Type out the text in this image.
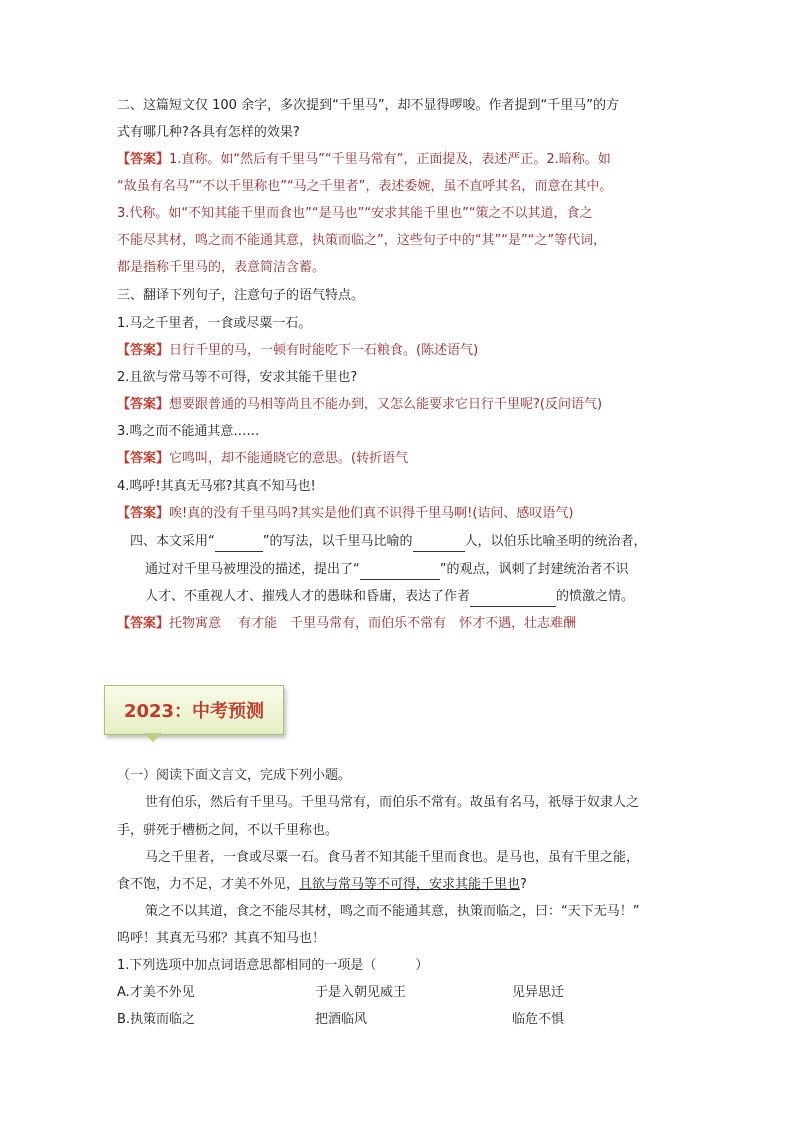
二、这篇短文仅 100 余字，多次提到“千里马”，却不显得啰唆。作者提到“千里马”的方
式有哪几种?各具有怎样的效果?
【答案】1.直称。如“然后有千里马”“千里马常有”，正面提及，表述严正。2.暗称。如
“故虽有名马”“不以千里称也”“马之千里者”，表述委婉，虽不直呼其名，而意在其中。
3.代称。如“不知其能千里而食也”“是马也”“安求其能千里也”“策之不以其道，食之
不能尽其材，鸣之而不能通其意，执策而临之”，这些句子中的“其”“是”“之”等代词，
都是指称千里马的，表意简洁含蓄。
三、翻译下列句子，注意句子的语气特点。
1.马之千里者，一食或尽粟一石。
【答案】日行千里的马，一顿有时能吃下一石粮食。(陈述语气)
2.且欲与常马等不可得，安求其能千里也?
【答案】想要跟普通的马相等尚且不能办到，又怎么能要求它日行千里呢?(反问语气)
3.鸣之而不能通其意……
【答案】它鸣叫，却不能通晓它的意思。(转折语气
4.鸣呼!其真无马邪?其真不知马也!
【答案】唉!真的没有千里马吗?其实是他们真不识得千里马啊!(诘问、感叹语气)
四、本文采用“	”的写法，以千里马比喻的	人，以伯乐比喻圣明的统治者，
通过对千里马被埋没的描述，提出了“	”的观点，讽刺了封建统治者不识
人才、不重视人才、摧残人才的愚昧和昏庸，表达了作者	的愤激之情。
【答案】托物寓意　 有才能　千里马常有，而伯乐不常有　怀才不遇，壮志难酬
2023：中考预测
（一）阅读下面文言文，完成下列小题。
世有伯乐，然后有千里马。千里马常有，而伯乐不常有。故虽有名马，祇辱于奴隶人之
手，骈死于槽枥之间，不以千里称也。
马之千里者，一食或尽粟一石。食马者不知其能千里而食也。是马也，虽有千里之能，
食不饱，力不足，才美不外见，且欲与常马等不可得，安求其能千里也?
策之不以其道，食之不能尽其材，鸣之而不能通其意，执策而临之，曰：“天下无马！”
呜呼！其真无马邪？其真不知马也！
1.下列选项中加点词语意思都相同的一项是（　　　）
A.才美不外见	于是入朝见威王	见异思迁
B.执策而临之	把酒临风	临危不惧
